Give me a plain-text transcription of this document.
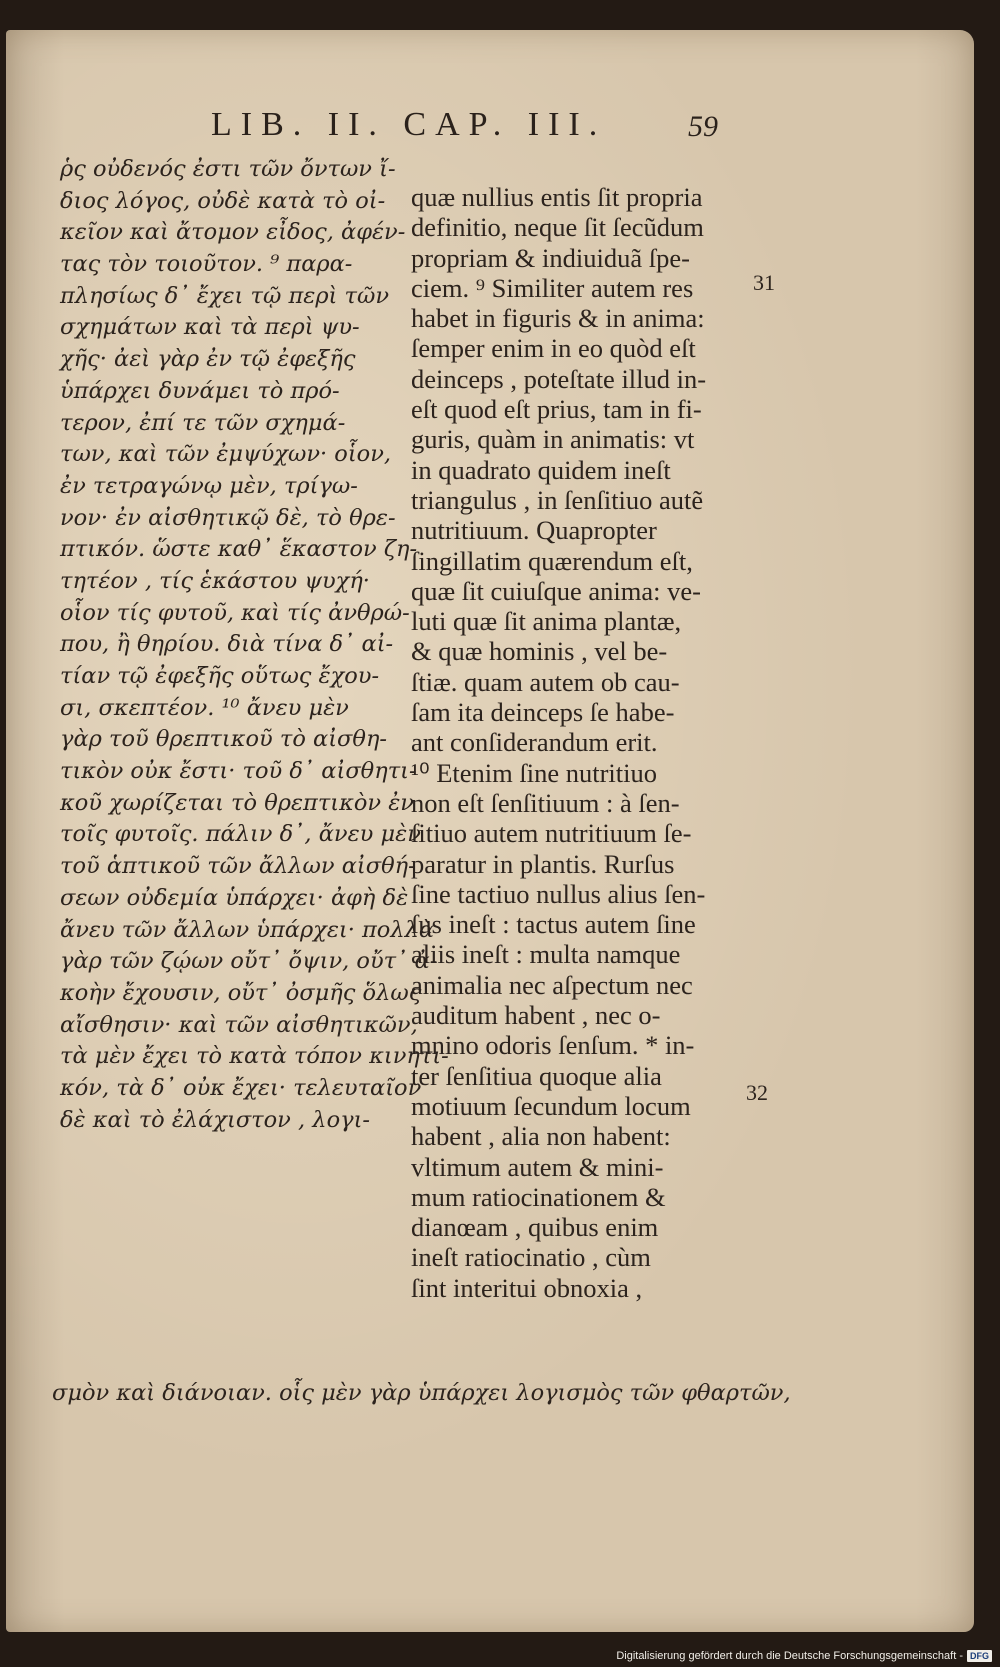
LIB. II. CAP. III.	59
ῥς οὐδενός ἐστι τῶν ὄντων ἴ-
διος λόγος, οὐδὲ κατὰ τὸ οἰ-
κεῖον καὶ ἄτομον εἶδος, ἀφέν-
τας τὸν τοιοῦτον. ⁹ παρα-
πλησίως δ᾽ ἔχει τῷ περὶ τῶν
σχημάτων καὶ τὰ περὶ ψυ-
χῆς· ἀεὶ γὰρ ἐν τῷ ἐφεξῆς
ὑπάρχει δυνάμει τὸ πρό-
τερον, ἐπί τε τῶν σχημά-
των, καὶ τῶν ἐμψύχων· οἷον,
ἐν τετραγώνῳ μὲν, τρίγω-
νον· ἐν αἰσθητικῷ δὲ, τὸ θρε-
πτικόν. ὥστε καθ᾽ ἕκαστον ζη-
τητέον , τίς ἑκάστου ψυχή·
οἷον τίς φυτοῦ, καὶ τίς ἀνθρώ-
που, ἢ θηρίου. διὰ τίνα δ᾽ αἰ-
τίαν τῷ ἐφεξῆς οὕτως ἔχου-
σι, σκεπτέον. ¹⁰ ἄνευ μὲν
γὰρ τοῦ θρεπτικοῦ τὸ αἰσθη-
τικὸν οὐκ ἔστι· τοῦ δ᾽ αἰσθητι-
κοῦ χωρίζεται τὸ θρεπτικὸν ἐν
τοῖς φυτοῖς. πάλιν δ᾽, ἄνευ μὲν
τοῦ ἁπτικοῦ τῶν ἄλλων αἰσθή-
σεων οὐδεμία ὑπάρχει· ἀφὴ δὲ
ἄνευ τῶν ἄλλων ὑπάρχει· πολλὰ
γὰρ τῶν ζῴων οὔτ᾽ ὄψιν, οὔτ᾽ ἀ-
κοὴν ἔχουσιν, οὔτ᾽ ὀσμῆς ὅλως
αἴσθησιν· καὶ τῶν αἰσθητικῶν,
τὰ μὲν ἔχει τὸ κατὰ τόπον κινητι-
κόν, τὰ δ᾽ οὐκ ἔχει· τελευταῖον
δὲ καὶ τὸ ἐλάχιστον , λογι-
quæ nullius entis ſit propria
definitio, neque ſit ſecũdum
propriam & indiuiduã ſpe-
ciem. ⁹ Similiter autem res
habet in figuris & in anima:
ſemper enim in eo quòd eſt
deinceps , poteſtate illud in-
eſt quod eſt prius, tam in fi-
guris, quàm in animatis: vt
in quadrato quidem ineſt
triangulus , in ſenſitiuo autẽ
nutritiuum. Quapropter
ſingillatim quærendum eſt,
quæ ſit cuiuſque anima: ve-
luti quæ ſit anima plantæ,
& quæ hominis , vel be-
ſtiæ. quam autem ob cau-
ſam ita deinceps ſe habe-
ant conſiderandum erit.
¹⁰ Etenim ſine nutritiuo
non eſt ſenſitiuum : à ſen-
ſitiuo autem nutritiuum ſe-
paratur in plantis. Rurſus
ſine tactiuo nullus alius ſen-
ſus ineſt : tactus autem ſine
aliis ineſt : multa namque
animalia nec aſpectum nec
auditum habent , nec o-
mnino odoris ſenſum. * in-
ter ſenſitiua quoque alia
motiuum ſecundum locum
habent , alia non habent:
vltimum autem & mini-
mum ratiocinationem &
dianœam , quibus enim
ineſt ratiocinatio , cùm
ſint interitui obnoxia ,
σμὸν καὶ διάνοιαν. οἷς μὲν γὰρ ὑπάρχει λογισμὸς τῶν φθαρτῶν,
31
32
Digitalisierung gefördert durch die Deutsche Forschungsgemeinschaft - DFG
